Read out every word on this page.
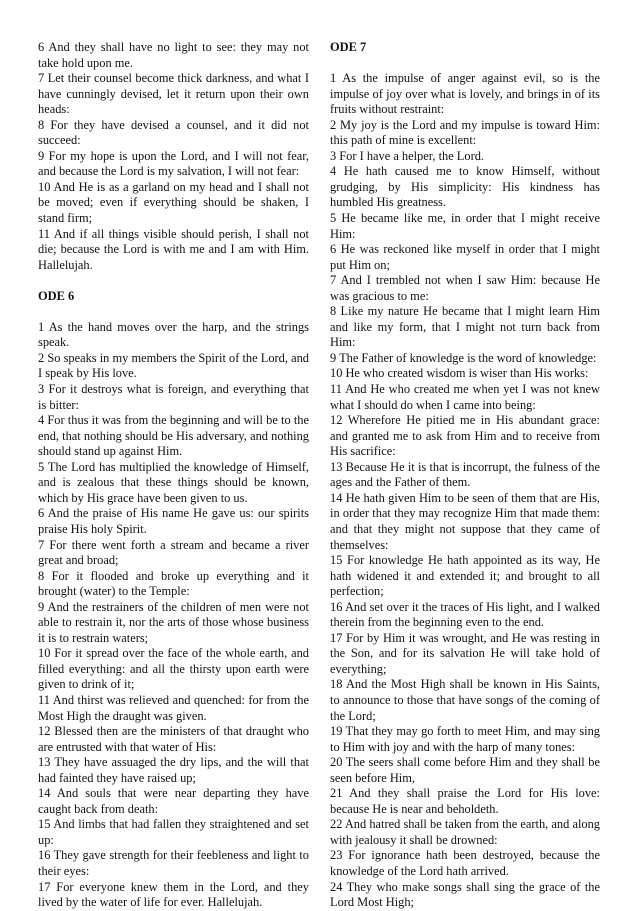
6 And they shall have no light to see: they may not take hold upon me.

7 Let their counsel become thick darkness, and what I have cunningly devised, let it return upon their own heads:

8 For they have devised a counsel, and it did not succeed:

9 For my hope is upon the Lord, and I will not fear, and because the Lord is my salvation, I will not fear:

10 And He is as a garland on my head and I shall not be moved; even if everything should be shaken, I stand firm;

11 And if all things visible should perish, I shall not die; because the Lord is with me and I am with Him. Hallelujah.

ODE 6

1 As the hand moves over the harp, and the strings speak.

2 So speaks in my members the Spirit of the Lord, and I speak by His love.

3 For it destroys what is foreign, and everything that is bitter:

4 For thus it was from the beginning and will be to the end, that nothing should be His adversary, and nothing should stand up against Him.

5 The Lord has multiplied the knowledge of Himself, and is zealous that these things should be known, which by His grace have been given to us.

6 And the praise of His name He gave us: our spirits praise His holy Spirit.

7 For there went forth a stream and became a river great and broad;

8 For it flooded and broke up everything and it brought (water) to the Temple:

9 And the restrainers of the children of men were not able to restrain it, nor the arts of those whose business it is to restrain waters;

10 For it spread over the face of the whole earth, and filled everything: and all the thirsty upon earth were given to drink of it;

11 And thirst was relieved and quenched: for from the Most High the draught was given.

12 Blessed then are the ministers of that draught who are entrusted with that water of His:

13 They have assuaged the dry lips, and the will that had fainted they have raised up;

14 And souls that were near departing they have caught back from death:

15 And limbs that had fallen they straightened and set up:

16 They gave strength for their feebleness and light to their eyes:

17 For everyone knew them in the Lord, and they lived by the water of life for ever. Hallelujah.

ODE 7

1 As the impulse of anger against evil, so is the impulse of joy over what is lovely, and brings in of its fruits without restraint:

2 My joy is the Lord and my impulse is toward Him: this path of mine is excellent:

3 For I have a helper, the Lord.

4 He hath caused me to know Himself, without grudging, by His simplicity: His kindness has humbled His greatness.

5 He became like me, in order that I might receive Him:

6 He was reckoned like myself in order that I might put Him on;

7 And I trembled not when I saw Him: because He was gracious to me:

8 Like my nature He became that I might learn Him and like my form, that I might not turn back from Him:

9 The Father of knowledge is the word of knowledge:

10 He who created wisdom is wiser than His works:

11 And He who created me when yet I was not knew what I should do when I came into being:

12 Wherefore He pitied me in His abundant grace: and granted me to ask from Him and to receive from His sacrifice:

13 Because He it is that is incorrupt, the fulness of the ages and the Father of them.

14 He hath given Him to be seen of them that are His, in order that they may recognize Him that made them: and that they might not suppose that they came of themselves:

15 For knowledge He hath appointed as its way, He hath widened it and extended it; and brought to all perfection;

16 And set over it the traces of His light, and I walked therein from the beginning even to the end.

17 For by Him it was wrought, and He was resting in the Son, and for its salvation He will take hold of everything;

18 And the Most High shall be known in His Saints, to announce to those that have songs of the coming of the Lord;

19 That they may go forth to meet Him, and may sing to Him with joy and with the harp of many tones:

20 The seers shall come before Him and they shall be seen before Him,

21 And they shall praise the Lord for His love: because He is near and beholdeth.

22 And hatred shall be taken from the earth, and along with jealousy it shall be drowned:

23 For ignorance hath been destroyed, because the knowledge of the Lord hath arrived.

24 They who make songs shall sing the grace of the Lord Most High;
